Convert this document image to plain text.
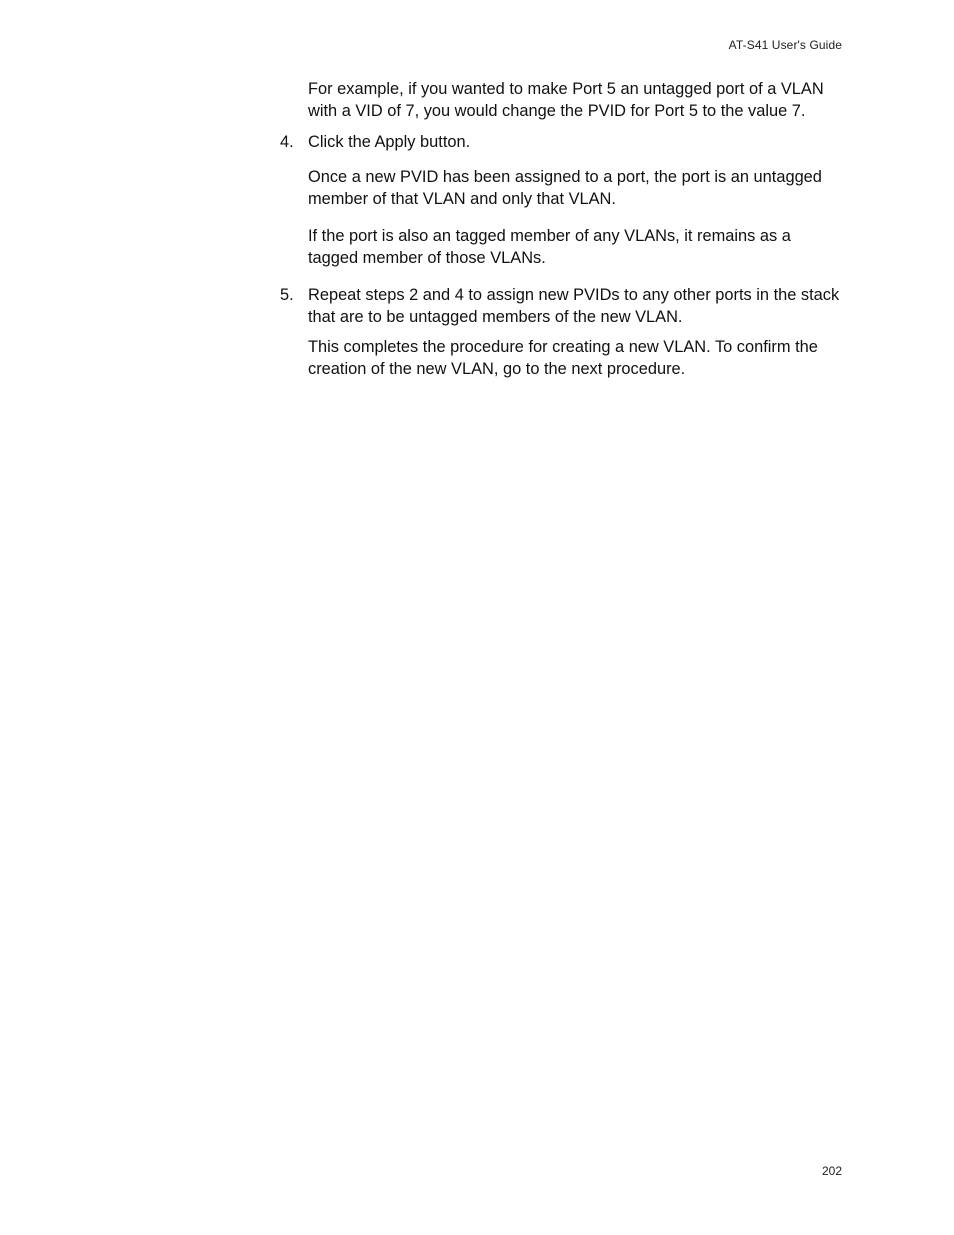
AT-S41 User's Guide

For example, if you wanted to make Port 5 an untagged port of a VLAN with a VID of 7, you would change the PVID for Port 5 to the value 7.

4. Click the Apply button.

Once a new PVID has been assigned to a port, the port is an untagged member of that VLAN and only that VLAN.

If the port is also an tagged member of any VLANs, it remains as a tagged member of those VLANs.

5. Repeat steps 2 and 4 to assign new PVIDs to any other ports in the stack that are to be untagged members of the new VLAN.

This completes the procedure for creating a new VLAN. To confirm the creation of the new VLAN, go to the next procedure.

202
